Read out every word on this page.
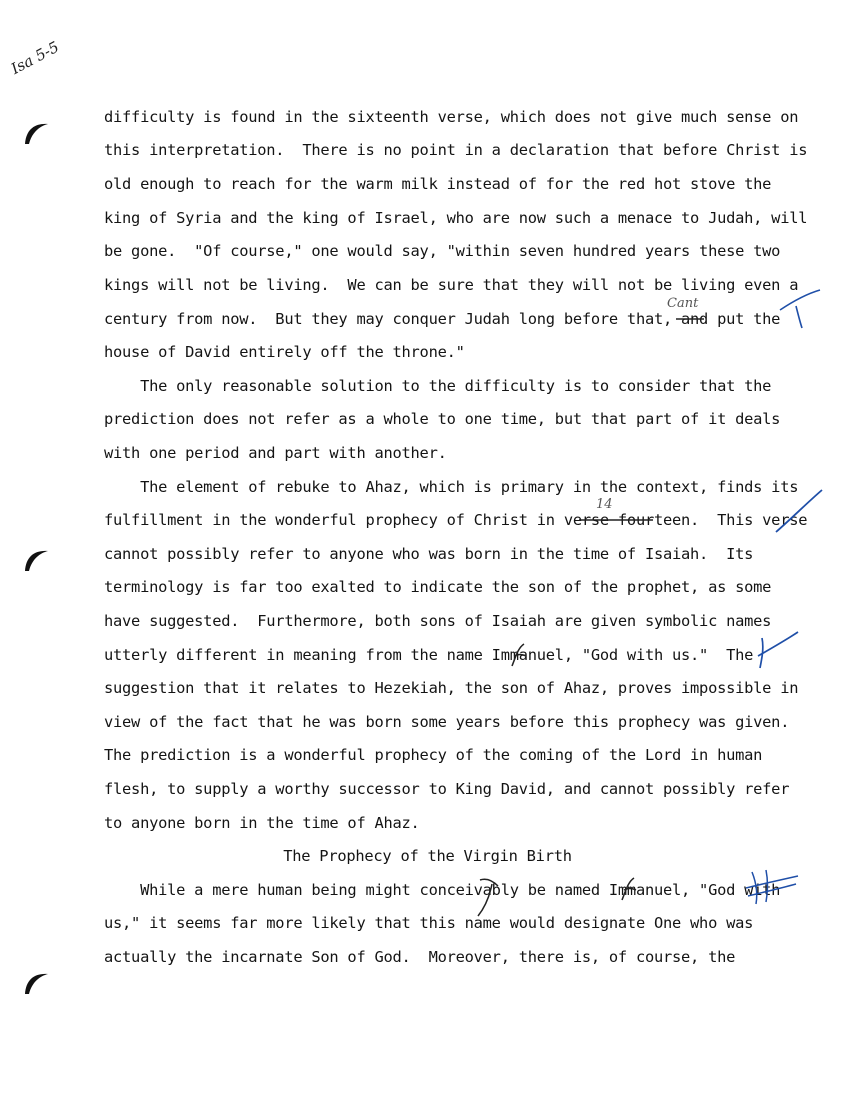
Isa 5-5
difficulty is found in the sixteenth verse, which does not give much sense on
this interpretation.  There is no point in a declaration that before Christ is
old enough to reach for the warm milk instead of for the red hot stove the
king of Syria and the king of Israel, who are now such a menace to Judah, will
be gone.  "Of course," one would say, "within seven hundred years these two
kings will not be living.  We can be sure that they will not be living even a
century from now.  But they may conquer Judah long before that, and put the
house of David entirely off the throne."
The only reasonable solution to the difficulty is to consider that the
prediction does not refer as a whole to one time, but that part of it deals
with one period and part with another.
The element of rebuke to Ahaz, which is primary in the context, finds its
fulfillment in the wonderful prophecy of Christ in verse fourteen.  This verse
cannot possibly refer to anyone who was born in the time of Isaiah.  Its
terminology is far too exalted to indicate the son of the prophet, as some
have suggested.  Furthermore, both sons of Isaiah are given symbolic names
utterly different in meaning from the name Immanuel, "God with us."  The
suggestion that it relates to Hezekiah, the son of Ahaz, proves impossible in
view of the fact that he was born some years before this prophecy was given.
The prediction is a wonderful prophecy of the coming of the Lord in human
flesh, to supply a worthy successor to King David, and cannot possibly refer
to anyone born in the time of Ahaz.
The Prophecy of the Virgin Birth
While a mere human being might conceivably be named Immanuel, "God with
us," it seems far more likely that this name would designate One who was
actually the incarnate Son of God.  Moreover, there is, of course, the
Cant
14
